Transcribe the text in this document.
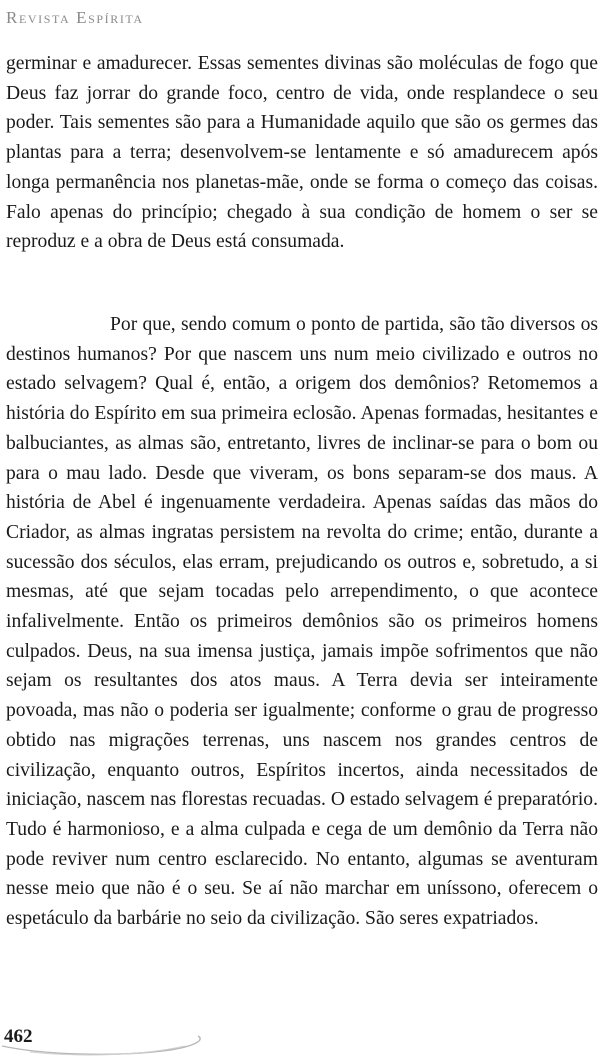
Revista Espírita

germinar e amadurecer. Essas sementes divinas são moléculas de fogo que Deus faz jorrar do grande foco, centro de vida, onde resplandece o seu poder. Tais sementes são para a Humanidade aquilo que são os germes das plantas para a terra; desenvolvem-se lentamente e só amadurecem após longa permanência nos planetas-mãe, onde se forma o começo das coisas. Falo apenas do princípio; chegado à sua condição de homem o ser se reproduz e a obra de Deus está consumada.

Por que, sendo comum o ponto de partida, são tão diversos os destinos humanos? Por que nascem uns num meio civilizado e outros no estado selvagem? Qual é, então, a origem dos demônios? Retomemos a história do Espírito em sua primeira eclosão. Apenas formadas, hesitantes e balbuciantes, as almas são, entretanto, livres de inclinar-se para o bom ou para o mau lado. Desde que viveram, os bons separam-se dos maus. A história de Abel é ingenuamente verdadeira. Apenas saídas das mãos do Criador, as almas ingratas persistem na revolta do crime; então, durante a sucessão dos séculos, elas erram, prejudicando os outros e, sobretudo, a si mesmas, até que sejam tocadas pelo arrependimento, o que acontece infalivelmente. Então os primeiros demônios são os primeiros homens culpados. Deus, na sua imensa justiça, jamais impõe sofrimentos que não sejam os resultantes dos atos maus. A Terra devia ser inteiramente povoada, mas não o poderia ser igualmente; conforme o grau de progresso obtido nas migrações terrenas, uns nascem nos grandes centros de civilização, enquanto outros, Espíritos incertos, ainda necessitados de iniciação, nascem nas florestas recuadas. O estado selvagem é preparatório. Tudo é harmonioso, e a alma culpada e cega de um demônio da Terra não pode reviver num centro esclarecido. No entanto, algumas se aventuram nesse meio que não é o seu. Se aí não marchar em uníssono, oferecem o espetáculo da barbárie no seio da civilização. São seres expatriados.

462
